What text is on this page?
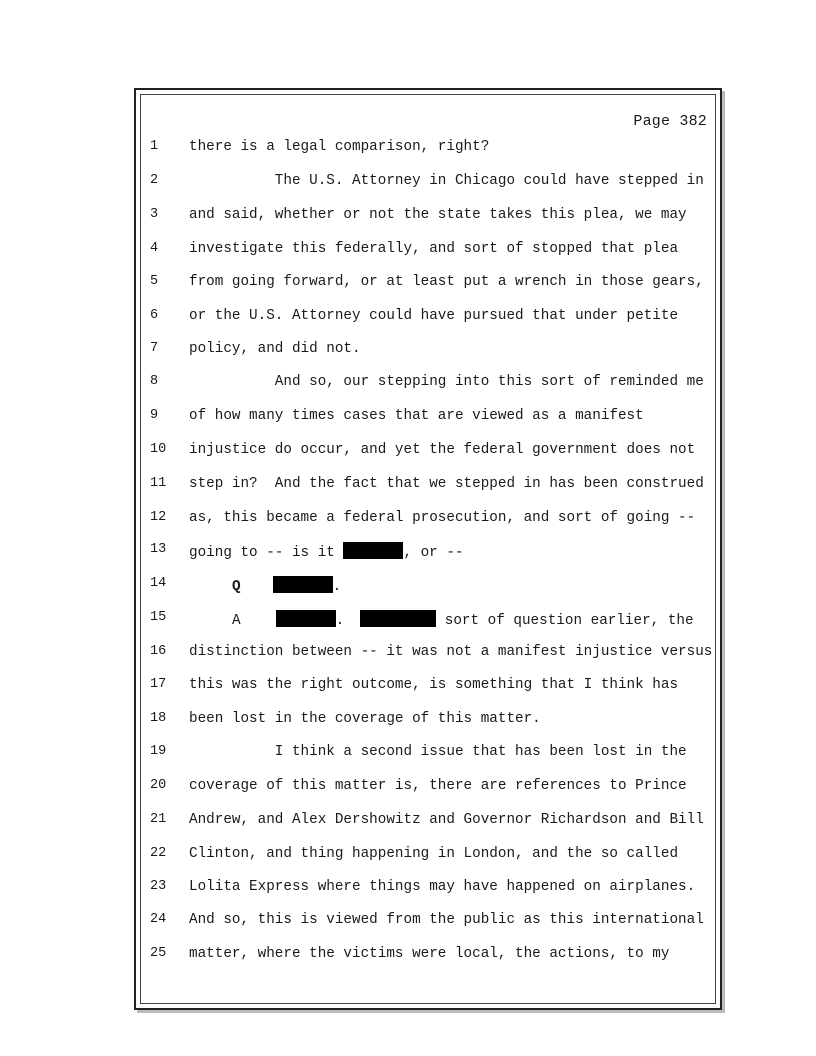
Page 382
1	there is a legal comparison, right?
2	The U.S. Attorney in Chicago could have stepped in
3	and said, whether or not the state takes this plea, we may
4	investigate this federally, and sort of stopped that plea
5	from going forward, or at least put a wrench in those gears,
6	or the U.S. Attorney could have pursued that under petite
7	policy, and did not.
8	And so, our stepping into this sort of reminded me
9	of how many times cases that are viewed as a manifest
10	injustice do occur, and yet the federal government does not
11	step in?  And the fact that we stepped in has been construed
12	as, this became a federal prosecution, and sort of going --
13	going to -- is it	, or --
14	Q	.
15	A	.	sort of question earlier, the
16	distinction between -- it was not a manifest injustice versus
17	this was the right outcome, is something that I think has
18	been lost in the coverage of this matter.
19	I think a second issue that has been lost in the
20	coverage of this matter is, there are references to Prince
21	Andrew, and Alex Dershowitz and Governor Richardson and Bill
22	Clinton, and thing happening in London, and the so called
23	Lolita Express where things may have happened on airplanes.
24	And so, this is viewed from the public as this international
25	matter, where the victims were local, the actions, to my
